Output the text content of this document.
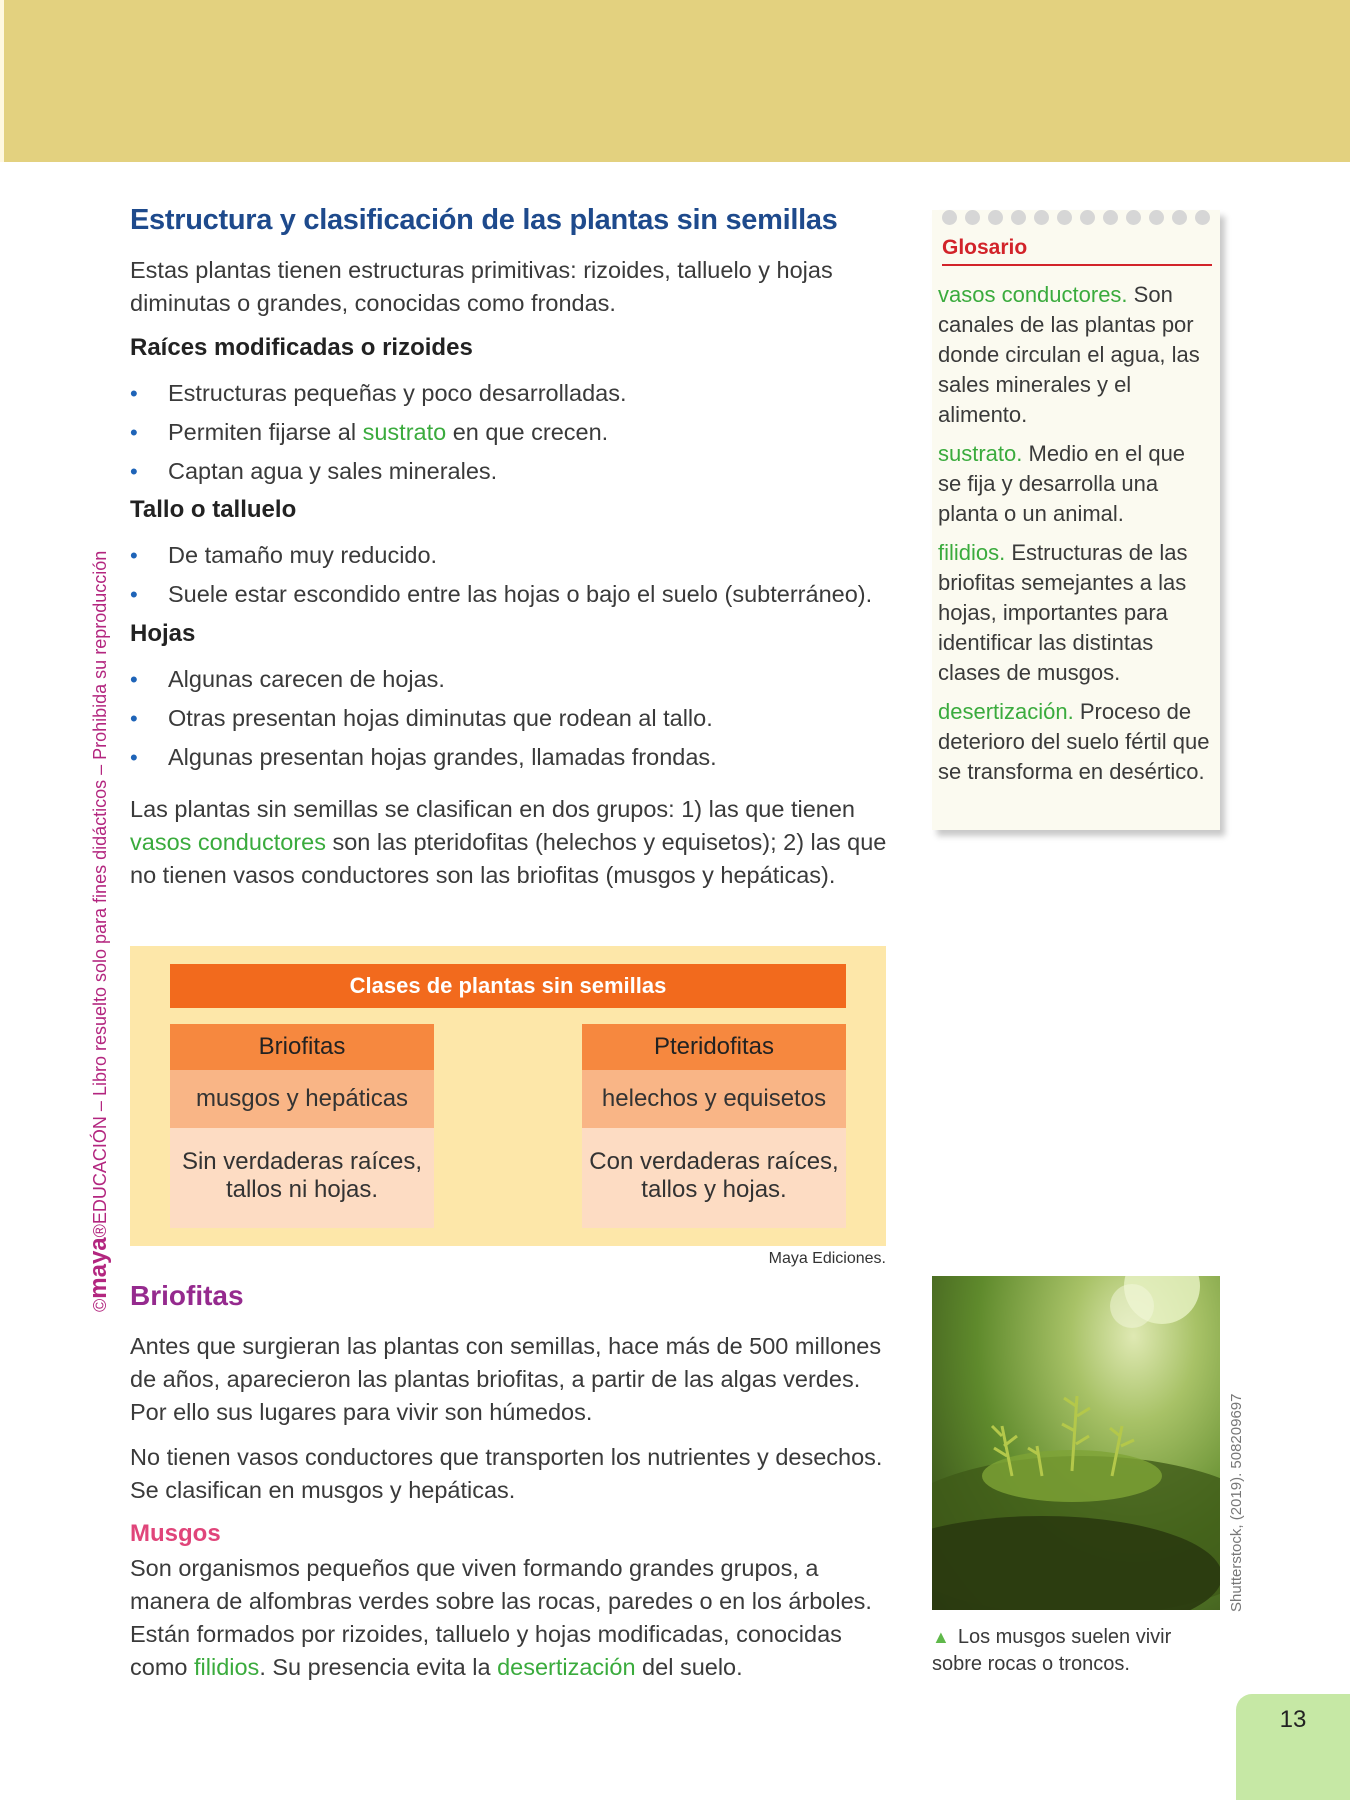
©maya®EDUCACIÓN – Libro resuelto solo para fines didácticos – Prohibida su reproducción
Estructura y clasificación de las plantas sin semillas

Estas plantas tienen estructuras primitivas: rizoides, talluelo y hojas diminutas o grandes, conocidas como frondas.

Raíces modificadas o rizoides
• Estructuras pequeñas y poco desarrolladas.
• Permiten fijarse al sustrato en que crecen.
• Captan agua y sales minerales.
Tallo o talluelo
• De tamaño muy reducido.
• Suele estar escondido entre las hojas o bajo el suelo (subterráneo).
Hojas
• Algunas carecen de hojas.
• Otras presentan hojas diminutas que rodean al tallo.
• Algunas presentan hojas grandes, llamadas frondas.

Las plantas sin semillas se clasifican en dos grupos: 1) las que tienen vasos conductores son las pteridofitas (helechos y equisetos); 2) las que no tienen vasos conductores son las briofitas (musgos y hepáticas).

Glosario

vasos conductores. Son canales de las plantas por donde circulan el agua, las sales minerales y el alimento.

sustrato. Medio en el que se fija y desarrolla una planta o un animal.

filidios. Estructuras de las briofitas semejantes a las hojas, importantes para identificar las distintas clases de musgos.

desertización. Proceso de deterioro del suelo fértil que se transforma en desértico.

Clases de plantas sin semillas
Briofitas
musgos y hepáticas
Sin verdaderas raíces,
tallos ni hojas.
Pteridofitas
helechos y equisetos
Con verdaderas raíces,
tallos y hojas.
Maya Ediciones.
Briofitas

Antes que surgieran las plantas con semillas, hace más de 500 millones de años, aparecieron las plantas briofitas, a partir de las algas verdes. Por ello sus lugares para vivir son húmedos.

No tienen vasos conductores que transporten los nutrientes y desechos. Se clasifican en musgos y hepáticas.

Musgos

Son organismos pequeños que viven formando grandes grupos, a manera de alfombras verdes sobre las rocas, paredes o en los árboles. Están formados por rizoides, talluelo y hojas modificadas, conocidas como filidios. Su presencia evita la desertización del suelo.

Shutterstock, (2019). 508209697

▲ Los musgos suelen vivir sobre rocas o troncos.

13
